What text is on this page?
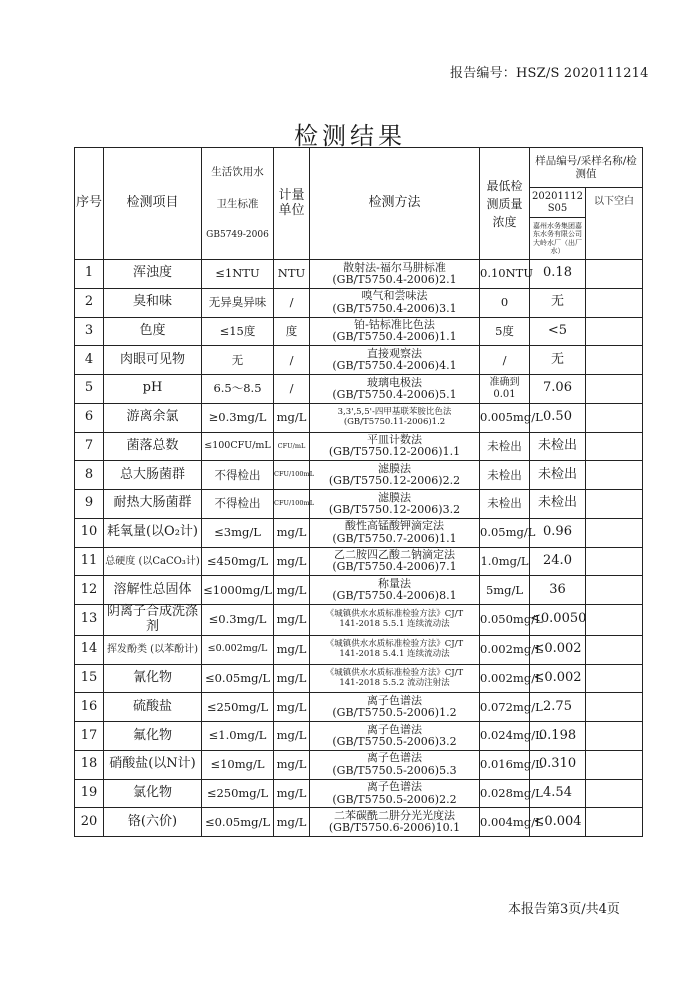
报告编号：HSZ/S 2020111214
检测结果
序号	检测项目	生活饮用水
卫生标准
GB5749-2006	计量
单位	检测方法	最低检
测质量
浓度	样品编号/采样名称/检测值	
						20201112 S05	以下空白
						嘉州水务集团嘉东水务有限公司大岭水厂（出厂水）	
1	浑浊度	≤1NTU	NTU	散射法-福尔马肼标准
(GB/T5750.4-2006)2.1	0.10NTU	0.18	
2	臭和味	无异臭异味	/	嗅气和尝味法
(GB/T5750.4-2006)3.1	0	无	
3	色度	≤15度	度	铂-钴标准比色法
(GB/T5750.4-2006)1.1	5度	<5	
4	肉眼可见物	无	/	直接观察法
(GB/T5750.4-2006)4.1	/	无	
5	pH	6.5～8.5	/	玻璃电极法
(GB/T5750.4-2006)5.1	准确到 0.01	7.06	
6	游离余氯	≥0.3mg/L	mg/L	3,3',5,5'-四甲基联苯胺比色法
(GB/T5750.11-2006)1.2	0.005mg/L	0.50	
7	菌落总数	≤100CFU/mL	CFU/mL	平皿计数法
(GB/T5750.12-2006)1.1	未检出	未检出	
8	总大肠菌群	不得检出	CFU/100mL	滤膜法
(GB/T5750.12-2006)2.2	未检出	未检出	
9	耐热大肠菌群	不得检出	CFU/100mL	滤膜法
(GB/T5750.12-2006)3.2	未检出	未检出	
10	耗氧量(以O₂计)	≤3mg/L	mg/L	酸性高锰酸钾滴定法
(GB/T5750.7-2006)1.1	0.05mg/L	0.96	
11	总硬度 (以CaCO₃计)	≤450mg/L	mg/L	乙二胺四乙酸二钠滴定法
(GB/T5750.4-2006)7.1	1.0mg/L	24.0	
12	溶解性总固体	≤1000mg/L	mg/L	称量法
(GB/T5750.4-2006)8.1	5mg/L	36	
13	阴离子合成洗涤剂	≤0.3mg/L	mg/L	《城镇供水水质标准检验方法》CJ/T
141-2018 5.5.1 连续流动法	0.050mg/L	<0.0050	
14	挥发酚类 (以苯酚计)	≤0.002mg/L	mg/L	《城镇供水水质标准检验方法》CJ/T
141-2018 5.4.1 连续流动法	0.002mg/L	<0.002	
15	氰化物	≤0.05mg/L	mg/L	《城镇供水水质标准检验方法》CJ/T
141-2018 5.5.2 流动注射法	0.002mg/L	<0.002	
16	硫酸盐	≤250mg/L	mg/L	离子色谱法
(GB/T5750.5-2006)1.2	0.072mg/L	2.75	
17	氟化物	≤1.0mg/L	mg/L	离子色谱法
(GB/T5750.5-2006)3.2	0.024mg/L	0.198	
18	硝酸盐(以N计)	≤10mg/L	mg/L	离子色谱法
(GB/T5750.5-2006)5.3	0.016mg/L	0.310	
19	氯化物	≤250mg/L	mg/L	离子色谱法
(GB/T5750.5-2006)2.2	0.028mg/L	4.54	
20	铬(六价)	≤0.05mg/L	mg/L	二苯碳酰二肼分光光度法
(GB/T5750.6-2006)10.1	0.004mg/L	<0.004	
本报告第3页/共4页
